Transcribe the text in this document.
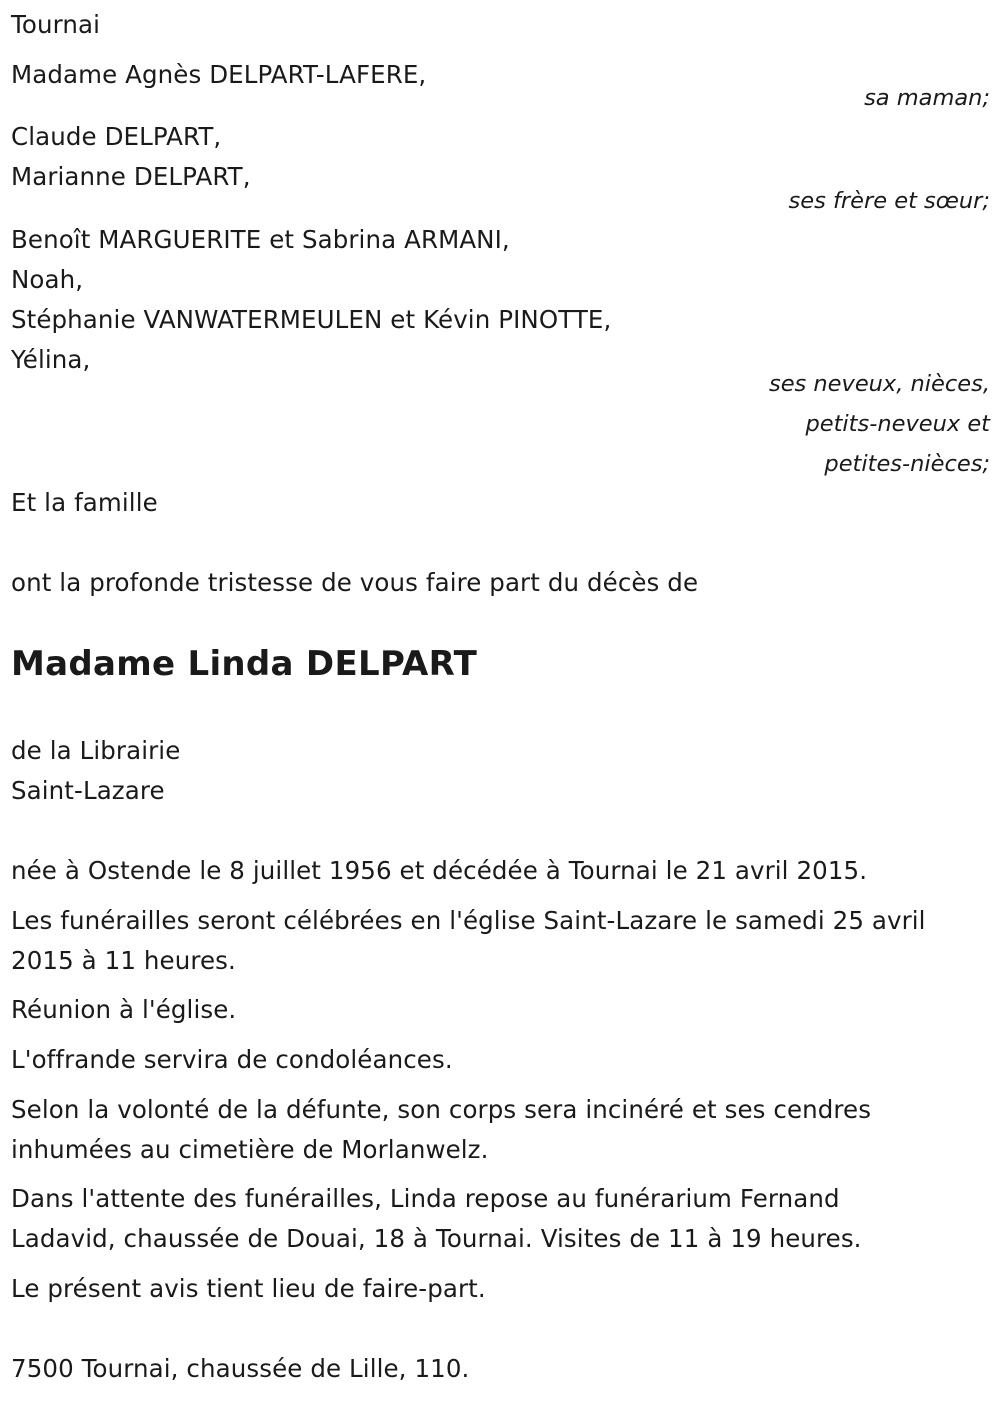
Tournai
Madame Agnès DELPART-LAFERE,
sa maman;
Claude DELPART,
Marianne DELPART,
ses frère et sœur;
Benoît MARGUERITE et Sabrina ARMANI,
Noah,
Stéphanie VANWATERMEULEN et Kévin PINOTTE,
Yélina,
ses neveux, nièces,
petits-neveux et
petites-nièces;
Et la famille
ont la profonde tristesse de vous faire part du décès de
Madame Linda DELPART
de la Librairie
Saint-Lazare
née à Ostende le 8 juillet 1956 et décédée à Tournai le 21 avril 2015.
Les funérailles seront célébrées en l'église Saint-Lazare le samedi 25 avril
2015 à 11 heures.
Réunion à l'église.
L'offrande servira de condoléances.
Selon la volonté de la défunte, son corps sera incinéré et ses cendres
inhumées au cimetière de Morlanwelz.
Dans l'attente des funérailles, Linda repose au funérarium Fernand
Ladavid, chaussée de Douai, 18 à Tournai. Visites de 11 à 19 heures.
Le présent avis tient lieu de faire-part.
7500 Tournai, chaussée de Lille, 110.
